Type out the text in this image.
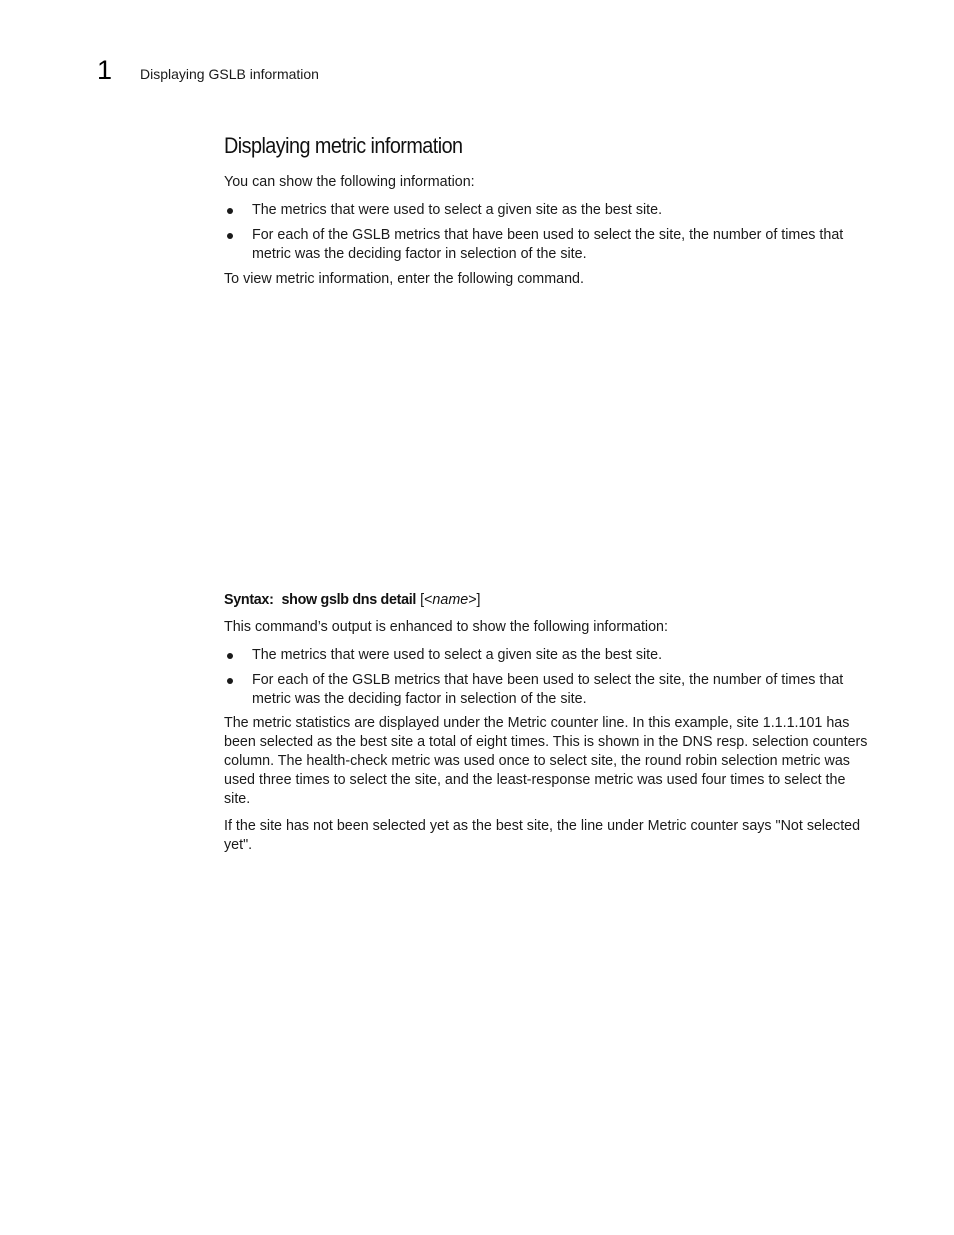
1 Displaying GSLB information
Displaying metric information

You can show the following information:

The metrics that were used to select a given site as the best site.
For each of the GSLB metrics that have been used to select the site, the number of times that metric was the deciding factor in selection of the site.

To view metric information, enter the following command.

Syntax: show gslb dns detail [<name>]

This command’s output is enhanced to show the following information:

The metrics that were used to select a given site as the best site.
For each of the GSLB metrics that have been used to select the site, the number of times that metric was the deciding factor in selection of the site.

The metric statistics are displayed under the Metric counter line. In this example, site 1.1.1.101 has been selected as the best site a total of eight times. This is shown in the DNS resp. selection counters column. The health-check metric was used once to select site, the round robin selection metric was used three times to select the site, and the least-response metric was used four times to select the site.

If the site has not been selected yet as the best site, the line under Metric counter says "Not selected yet".
